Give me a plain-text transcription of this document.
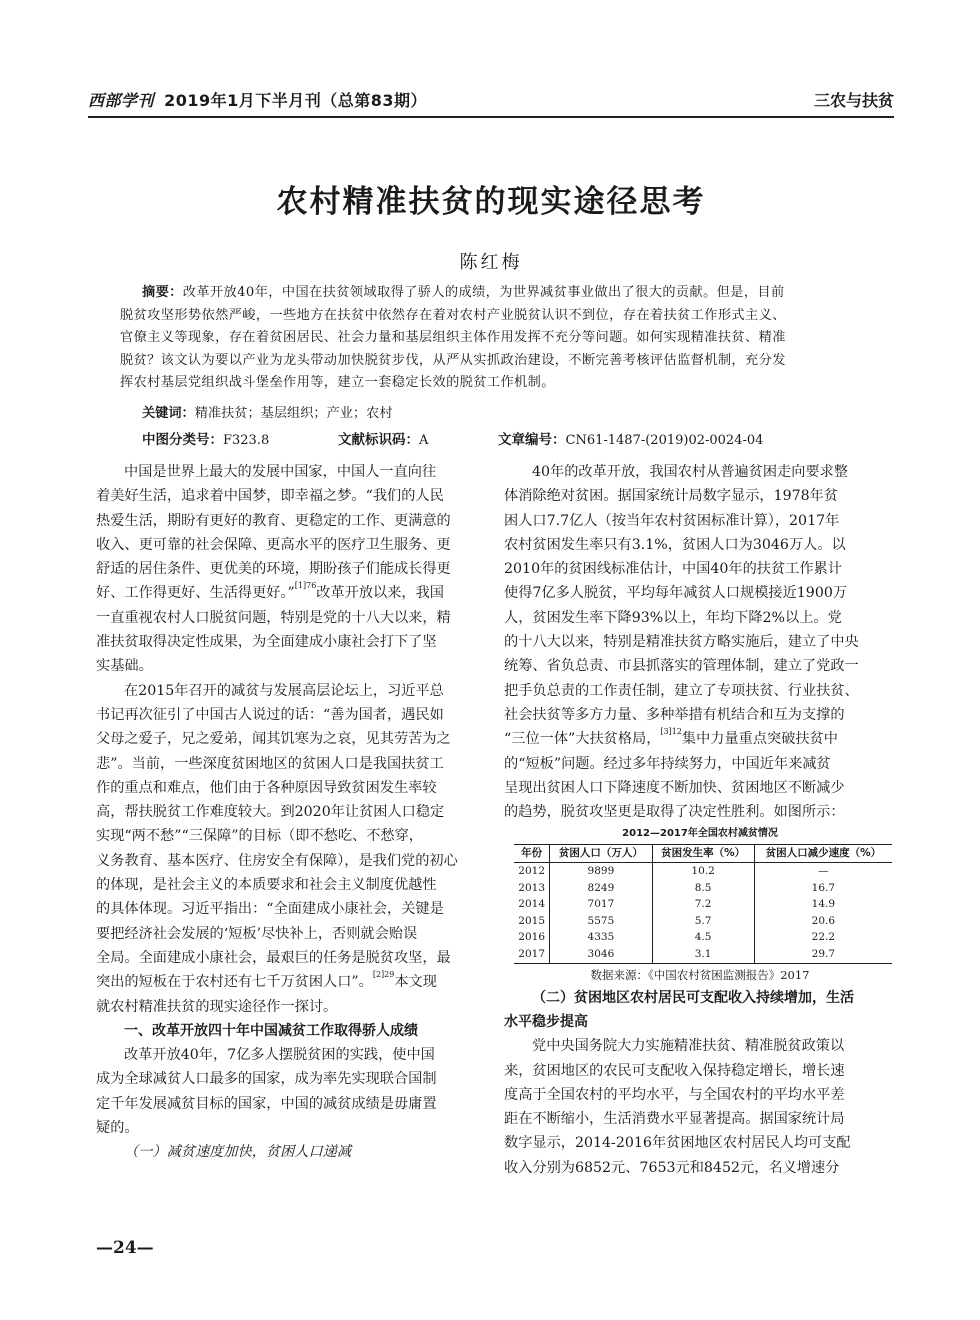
西部学刊 2019年1月下半月刊（总第83期）	三农与扶贫
农村精准扶贫的现实途径思考
陈红梅
摘要：改革开放40年，中国在扶贫领域取得了骄人的成绩，为世界减贫事业做出了很大的贡献。但是，目前
脱贫攻坚形势依然严峻，一些地方在扶贫中依然存在着对农村产业脱贫认识不到位，存在着扶贫工作形式主义、
官僚主义等现象，存在着贫困居民、社会力量和基层组织主体作用发挥不充分等问题。如何实现精准扶贫、精准
脱贫？该文认为要以产业为龙头带动加快脱贫步伐，从严从实抓政治建设，不断完善考核评估监督机制，充分发
挥农村基层党组织战斗堡垒作用等，建立一套稳定长效的脱贫工作机制。
关键词：精准扶贫；基层组织；产业；农村
中图分类号：F323.8	文献标识码：A	文章编号：CN61-1487-(2019)02-0024-04
中国是世界上最大的发展中国家，中国人一直向往
着美好生活，追求着中国梦，即幸福之梦。“我们的人民
热爱生活，期盼有更好的教育、更稳定的工作、更满意的
收入、更可靠的社会保障、更高水平的医疗卫生服务、更
舒适的居住条件、更优美的环境，期盼孩子们能成长得更
好、工作得更好、生活得更好。”$^{[1]76}$改革开放以来，我国
一直重视农村人口脱贫问题，特别是党的十八大以来，精
准扶贫取得决定性成果，为全面建成小康社会打下了坚
实基础。
在2015年召开的减贫与发展高层论坛上，习近平总
书记再次征引了中国古人说过的话：“善为国者，遇民如
父母之爱子，兄之爱弟，闻其饥寒为之哀，见其劳苦为之
悲”。当前，一些深度贫困地区的贫困人口是我国扶贫工
作的重点和难点，他们由于各种原因导致贫困发生率较
高，帮扶脱贫工作难度较大。到2020年让贫困人口稳定
实现“两不愁”“三保障”的目标（即不愁吃、不愁穿，
义务教育、基本医疗、住房安全有保障），是我们党的初心
的体现，是社会主义的本质要求和社会主义制度优越性
的具体体现。习近平指出：“全面建成小康社会，关键是
要把经济社会发展的‘短板’尽快补上，否则就会贻误
全局。全面建成小康社会，最艰巨的任务是脱贫攻坚，最
突出的短板在于农村还有七千万贫困人口”。$^{[2]29}$本文现
就农村精准扶贫的现实途径作一探讨。
一、改革开放四十年中国减贫工作取得骄人成绩
改革开放40年，7亿多人摆脱贫困的实践，使中国
成为全球减贫人口最多的国家，成为率先实现联合国制
定千年发展减贫目标的国家，中国的减贫成绩是毋庸置
疑的。
（一）减贫速度加快，贫困人口递减
40年的改革开放，我国农村从普遍贫困走向要求整
体消除绝对贫困。据国家统计局数字显示，1978年贫
困人口7.7亿人（按当年农村贫困标准计算），2017年
农村贫困发生率只有3.1%，贫困人口为3046万人。以
2010年的贫困线标准估计，中国40年的扶贫工作累计
使得7亿多人脱贫，平均每年减贫人口规模接近1900万
人，贫困发生率下降93%以上，年均下降2%以上。党
的十八大以来，特别是精准扶贫方略实施后，建立了中央
统筹、省负总责、市县抓落实的管理体制，建立了党政一
把手负总责的工作责任制，建立了专项扶贫、行业扶贫、
社会扶贫等多方力量、多种举措有机结合和互为支撑的
“三位一体”大扶贫格局，$^{[3]12}$集中力量重点突破扶贫中
的“短板”问题。经过多年持续努力，中国近年来减贫
呈现出贫困人口下降速度不断加快、贫困地区不断减少
的趋势，脱贫攻坚更是取得了决定性胜利。如图所示：
2012—2017年全国农村减贫情况
年份	贫困人口（万人）	贫困发生率（%）	贫困人口减少速度（%）
2012	9899	10.2	—
2013	8249	8.5	16.7
2014	7017	7.2	14.9
2015	5575	5.7	20.6
2016	4335	4.5	22.2
2017	3046	3.1	29.7
数据来源：《中国农村贫困监测报告》2017
（二）贫困地区农村居民可支配收入持续增加，生活
水平稳步提高
党中央国务院大力实施精准扶贫、精准脱贫政策以
来，贫困地区的农民可支配收入保持稳定增长，增长速
度高于全国农村的平均水平，与全国农村的平均水平差
距在不断缩小，生活消费水平显著提高。据国家统计局
数字显示，2014-2016年贫困地区农村居民人均可支配
收入分别为6852元、7653元和8452元，名义增速分
—24—
